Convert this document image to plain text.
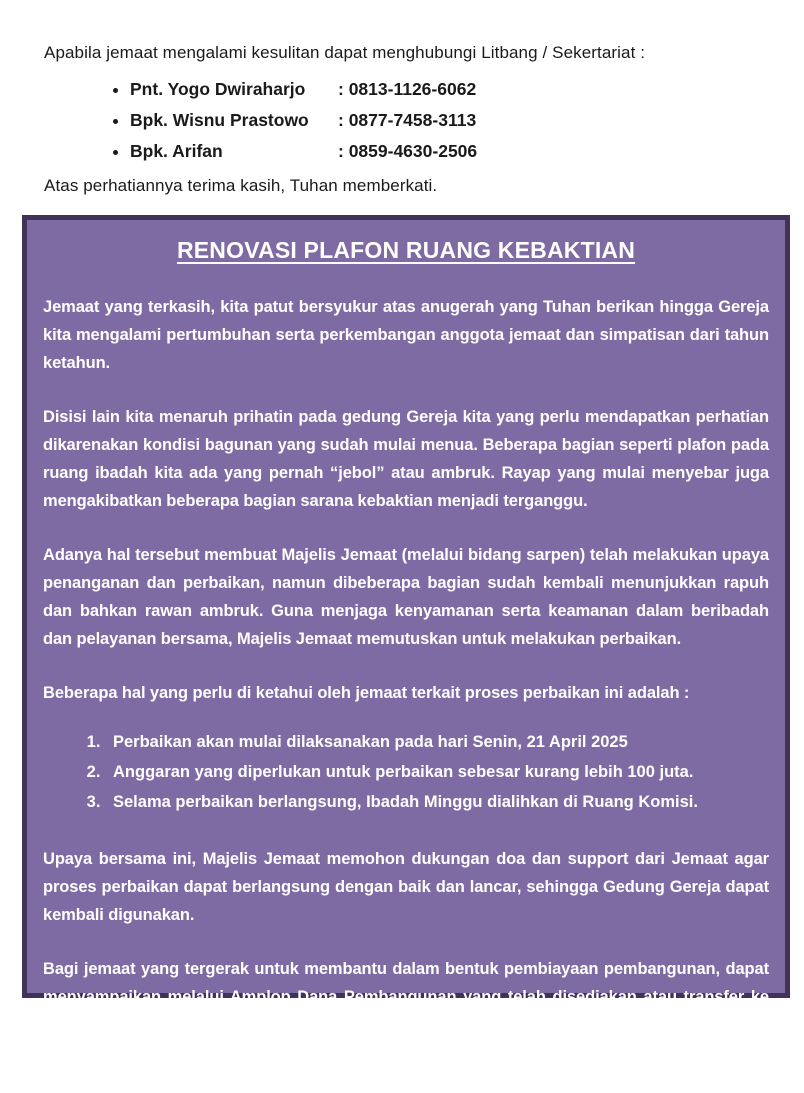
Apabila jemaat mengalami kesulitan dapat menghubungi Litbang / Sekertariat :
• Pnt. Yogo Dwiraharjo : 0813-1126-6062
• Bpk. Wisnu Prastowo : 0877-7458-3113
• Bpk. Arifan	: 0859-4630-2506
Atas perhatiannya terima kasih, Tuhan memberkati.
RENOVASI PLAFON RUANG KEBAKTIAN

Jemaat yang terkasih, kita patut bersyukur atas anugerah yang Tuhan berikan hingga Gereja kita mengalami pertumbuhan serta perkembangan anggota jemaat dan simpatisan dari tahun ketahun.

Disisi lain kita menaruh prihatin pada gedung Gereja kita yang perlu mendapatkan perhatian dikarenakan kondisi bagunan yang sudah mulai menua. Beberapa bagian seperti plafon pada ruang ibadah kita ada yang pernah “jebol” atau ambruk. Rayap yang mulai menyebar juga mengakibatkan beberapa bagian sarana kebaktian menjadi terganggu.

Adanya hal tersebut membuat Majelis Jemaat (melalui bidang sarpen) telah melakukan upaya penanganan dan perbaikan, namun dibeberapa bagian sudah kembali menunjukkan rapuh dan bahkan rawan ambruk. Guna menjaga kenyamanan serta keamanan dalam beribadah dan pelayanan bersama, Majelis Jemaat memutuskan untuk melakukan perbaikan.

Beberapa hal yang perlu di ketahui oleh jemaat terkait proses perbaikan ini adalah :

1. Perbaikan akan mulai dilaksanakan pada hari Senin, 21 April 2025
2. Anggaran yang diperlukan untuk perbaikan sebesar kurang lebih 100 juta.
3. Selama perbaikan berlangsung, Ibadah Minggu dialihkan di Ruang Komisi.

Upaya bersama ini, Majelis Jemaat memohon dukungan doa dan support dari Jemaat agar proses perbaikan dapat berlangsung dengan baik dan lancar, sehingga Gedung Gereja dapat kembali digunakan.

Bagi jemaat yang tergerak untuk membantu dalam bentuk pembiayaan pembangunan, dapat menyampaikan melalui Amplop Dana Pembangunan yang telah disediakan atau transfer ke rekening gereja BCA 713-132-7777 a/n. GKI PONDOK MAKMUR.

Atas perhatiannya kami mengucapkan terima kasih.
